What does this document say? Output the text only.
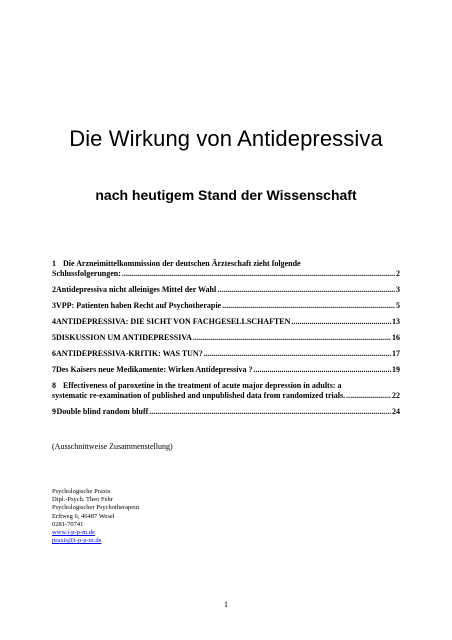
Die Wirkung von Antidepressiva
nach heutigem Stand der Wissenschaft
1 Die Arzneimittelkommission der deutschen Ärzteschaft zieht folgende
Schlussfolgerungen: .....	2
2 Antidepressiva nicht alleiniges Mittel der Wahl .....	3
3 VPP: Patienten haben Recht auf Psychotherapie .....	5
4 ANTIDEPRESSIVA: DIE SICHT VON FACHGESELLSCHAFTEN .....	13
5 DISKUSSION UM ANTIDEPRESSIVA .....	16
6 ANTIDEPRESSIVA-KRITIK: WAS TUN? .....	17
7 Des Kaisers neue Medikamente: Wirken Antidepressiva ? .....	19
8 Effectiveness of paroxetine in the treatment of acute major depression in adults: a
systematic re-examination of published and unpublished data from randomized trials. .....	22
9 Double blind random bluff .....	24
(Ausschnittweise Zusammenstellung)
Psychologische Praxis
Dipl.-Psych. Theo Fehr
Psychologischer Psychotherapeut
Erftweg 6, 46487 Wesel
0281-70741
www.i-p-p-m.de
praxis@i-p-p-m.de
1
